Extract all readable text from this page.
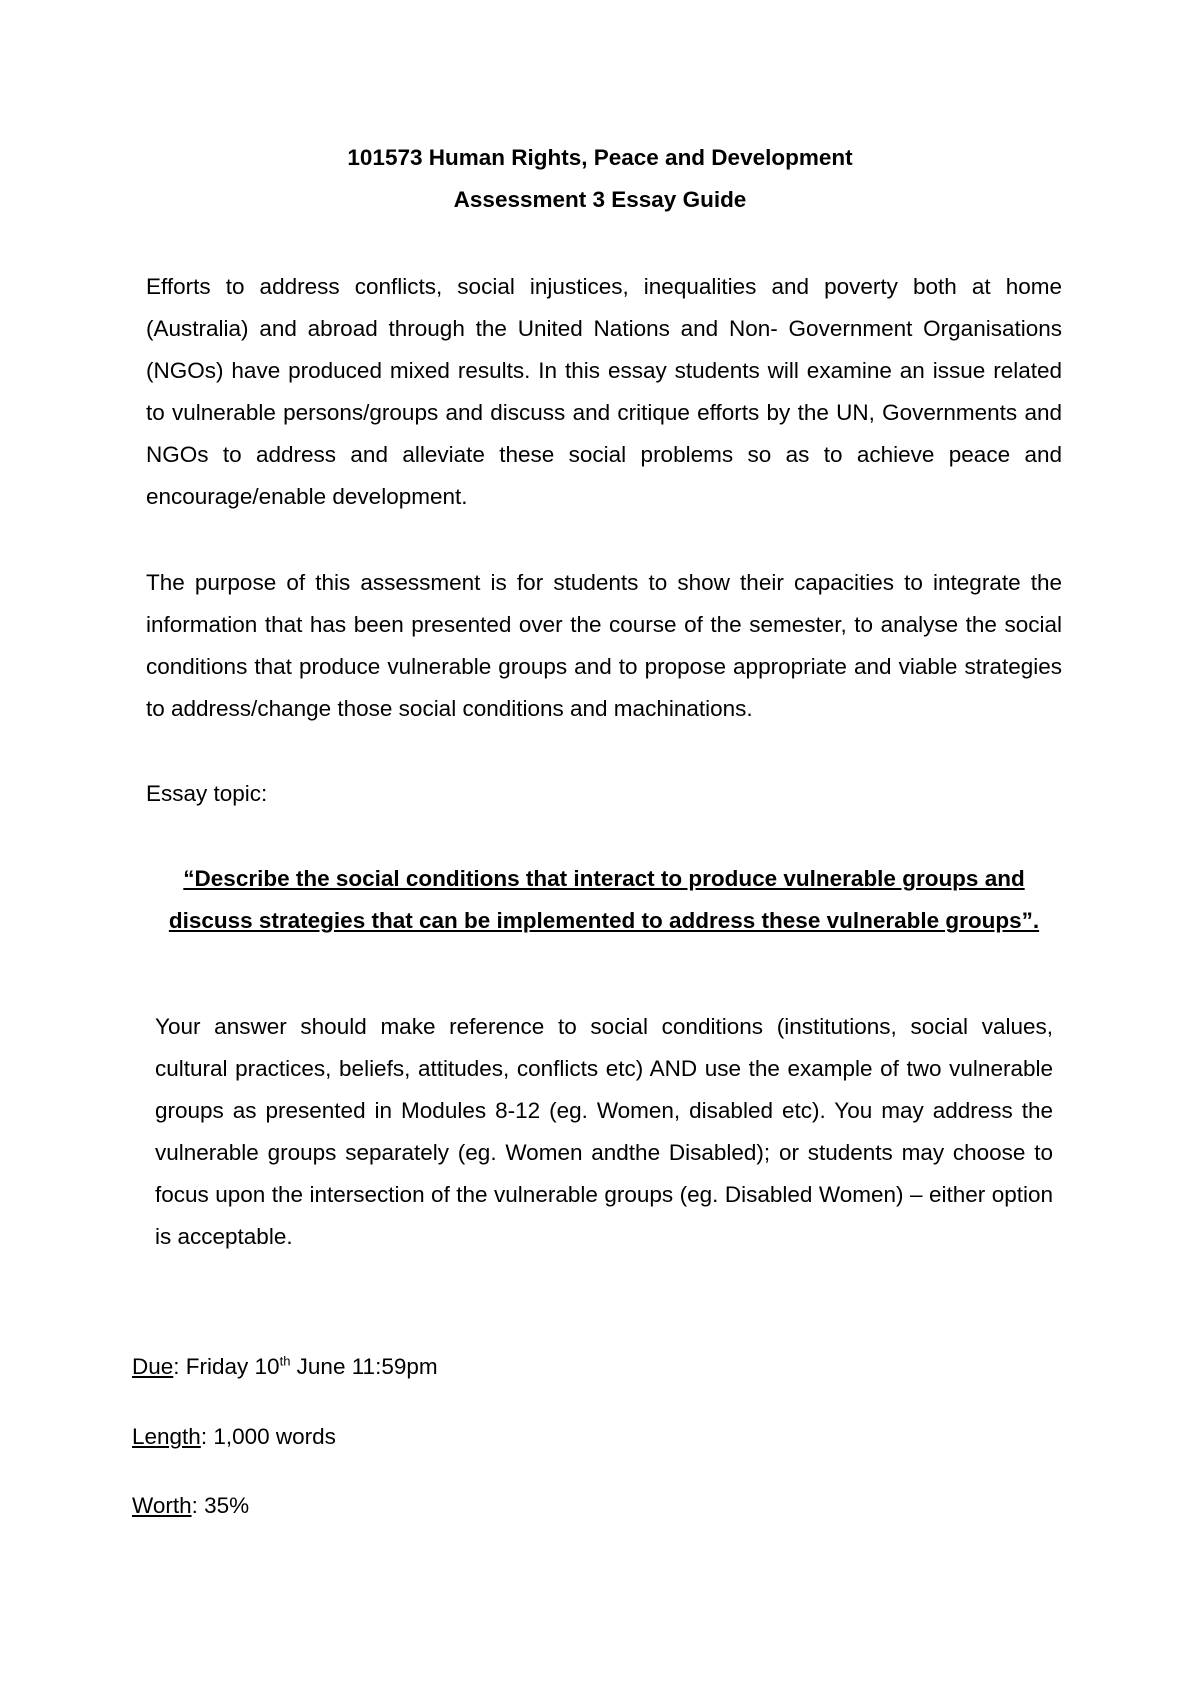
101573 Human Rights, Peace and Development
Assessment 3 Essay Guide

Efforts to address conflicts, social injustices, inequalities and poverty both at home (Australia) and abroad through the United Nations and Non- Government Organisations (NGOs) have produced mixed results. In this essay students will examine an issue related to vulnerable persons/groups and discuss and critique efforts by the UN, Governments and NGOs to address and alleviate these social problems so as to achieve peace and encourage/enable development.

The purpose of this assessment is for students to show their capacities to integrate the information that has been presented over the course of the semester, to analyse the social conditions that produce vulnerable groups and to propose appropriate and viable strategies to address/change those social conditions and machinations.

Essay topic:

“Describe the social conditions that interact to produce vulnerable groups and discuss strategies that can be implemented to address these vulnerable groups”.

Your answer should make reference to social conditions (institutions, social values, cultural practices, beliefs, attitudes, conflicts etc) AND use the example of two vulnerable groups as presented in Modules 8-12 (eg. Women, disabled etc). You may address the vulnerable groups separately (eg. Women andthe Disabled); or students may choose to focus upon the intersection of the vulnerable groups (eg. Disabled Women) – either option is acceptable.

Due: Friday 10th June 11:59pm
Length: 1,000 words
Worth: 35%
